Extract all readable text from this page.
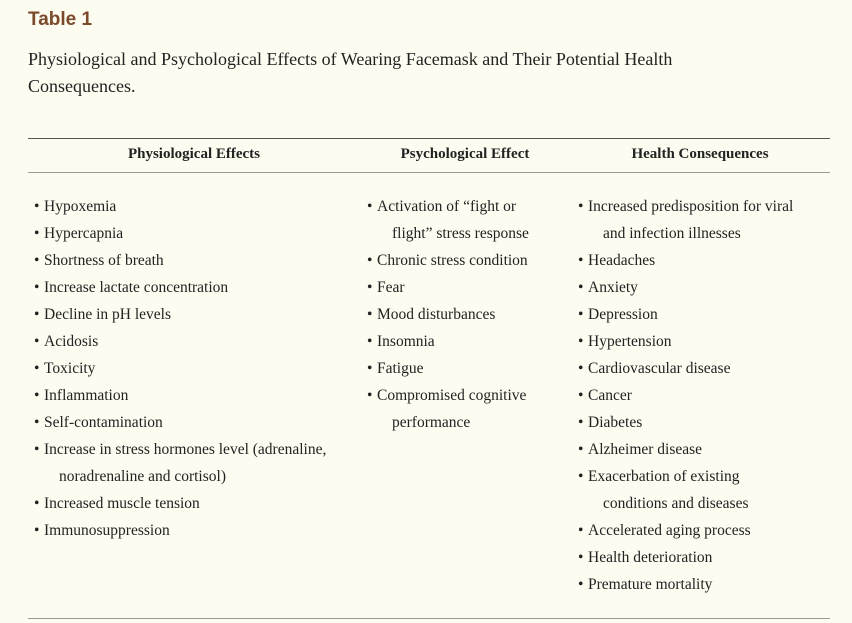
Table 1

Physiological and Psychological Effects of Wearing Facemask and Their Potential Health
Consequences.

Physiological Effects	Psychological Effect	Health Consequences
• Hypoxemia
• Hypercapnia
• Shortness of breath
• Increase lactate concentration
• Decline in pH levels
• Acidosis
• Toxicity
• Inflammation
• Self-contamination
• Increase in stress hormones level (adrenaline,
noradrenaline and cortisol)
• Increased muscle tension
• Immunosuppression
• Activation of “fight or
flight” stress response
• Chronic stress condition
• Fear
• Mood disturbances
• Insomnia
• Fatigue
• Compromised cognitive
performance
• Increased predisposition for viral
and infection illnesses
• Headaches
• Anxiety
• Depression
• Hypertension
• Cardiovascular disease
• Cancer
• Diabetes
• Alzheimer disease
• Exacerbation of existing
conditions and diseases
• Accelerated aging process
• Health deterioration
• Premature mortality
